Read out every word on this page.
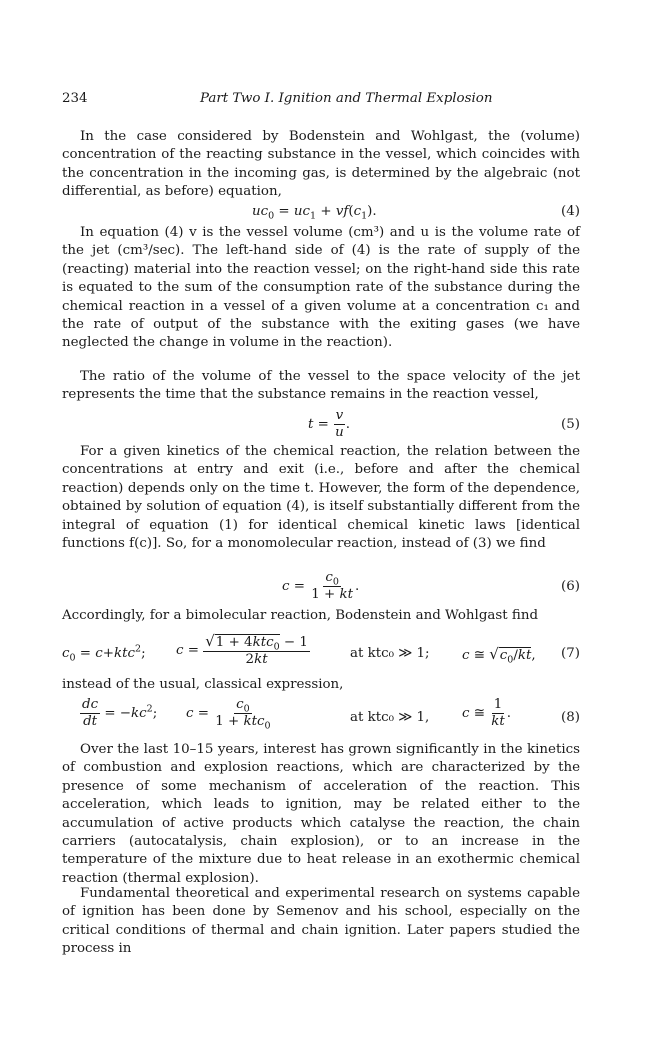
234	Part Two I. Ignition and Thermal Explosion

In the case considered by Bodenstein and Wohlgast, the (volume) concentration of the reacting substance in the vessel, which coincides with the concentration in the incoming gas, is determined by the algebraic (not differential, as before) equation,

$uc_0 = uc_1 + vf(c_1)$.	(4)

In equation (4) v is the vessel volume (cm³) and u is the volume rate of the jet (cm³/sec). The left-hand side of (4) is the rate of supply of the (reacting) material into the reaction vessel; on the right-hand side this rate is equated to the sum of the consumption rate of the substance during the chemical reaction in a vessel of a given volume at a concentration c₁ and the rate of output of the substance with the exiting gases (we have neglected the change in volume in the reaction).

The ratio of the volume of the vessel to the space velocity of the jet represents the time that the substance remains in the reaction vessel,

$t = \frac{v}{u}$ .	(5)

For a given kinetics of the chemical reaction, the relation between the concentrations at entry and exit (i.e., before and after the chemical reaction) depends only on the time t. However, the form of the dependence, obtained by solution of equation (4), is itself substantially different from the integral of equation (1) for identical chemical kinetic laws [identical functions f(c)]. So, for a monomolecular reaction, instead of (3) we find

$c = \frac{c_0}{1 + kt}$ .	(6)

Accordingly, for a bimolecular reaction, Bodenstein and Wohlgast find

$c_0 = c+ktc^2$; $c = \frac{√1 + 4ktc_0 - 1}{2kt}$	at ktc₀ ≫ 1; c ≅ $√c_0/kt$, (7)

instead of the usual, classical expression,

$\frac{dc}{dt} = -kc^2$; $c = \frac{c_0}{1 + ktc_0}$	at ktc₀ ≫ 1, c ≅ $\frac{1}{kt}$ .	(8)

Over the last 10–15 years, interest has grown significantly in the kinetics of combustion and explosion reactions, which are characterized by the presence of some mechanism of acceleration of the reaction. This acceleration, which leads to ignition, may be related either to the accumulation of active products which catalyse the reaction, the chain carriers (autocatalysis, chain explosion), or to an increase in the temperature of the mixture due to heat release in an exothermic chemical reaction (thermal explosion).

Fundamental theoretical and experimental research on systems capable of ignition has been done by Semenov and his school, especially on the critical conditions of thermal and chain ignition. Later papers studied the process in
